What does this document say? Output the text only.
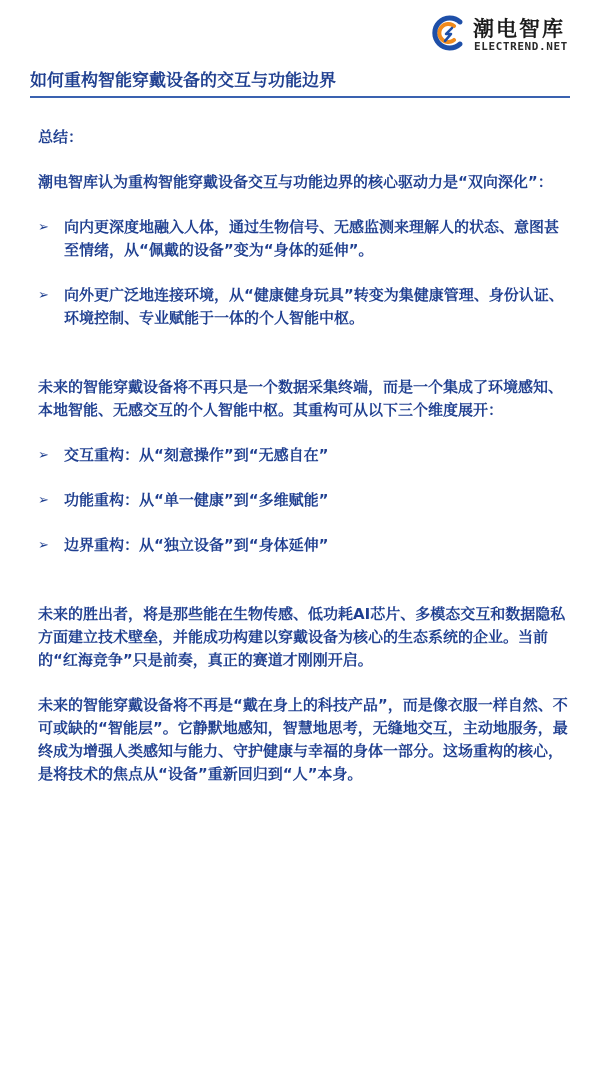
潮电智库
ELECTREND.NET
如何重构智能穿戴设备的交互与功能边界

总结：

潮电智库认为重构智能穿戴设备交互与功能边界的核心驱动力是“双向深化”：

➢ 向内更深度地融入人体，通过生物信号、无感监测来理解人的状态、意图甚至情绪，从“佩戴的设备”变为“身体的延伸”。
➢ 向外更广泛地连接环境，从“健康健身玩具”转变为集健康管理、身份认证、环境控制、专业赋能于一体的个人智能中枢。

未来的智能穿戴设备将不再只是一个数据采集终端，而是一个集成了环境感知、本地智能、无感交互的个人智能中枢。其重构可从以下三个维度展开：

➢ 交互重构：从“刻意操作”到“无感自在”
➢ 功能重构：从“单一健康”到“多维赋能”
➢ 边界重构：从“独立设备”到“身体延伸”

未来的胜出者，将是那些能在生物传感、低功耗AI芯片、多模态交互和数据隐私方面建立技术壁垒，并能成功构建以穿戴设备为核心的生态系统的企业。当前的“红海竞争”只是前奏，真正的赛道才刚刚开启。

未来的智能穿戴设备将不再是“戴在身上的科技产品”，而是像衣服一样自然、不可或缺的“智能层”。它静默地感知，智慧地思考，无缝地交互，主动地服务，最终成为增强人类感知与能力、守护健康与幸福的身体一部分。这场重构的核心，是将技术的焦点从“设备”重新回归到“人”本身。
